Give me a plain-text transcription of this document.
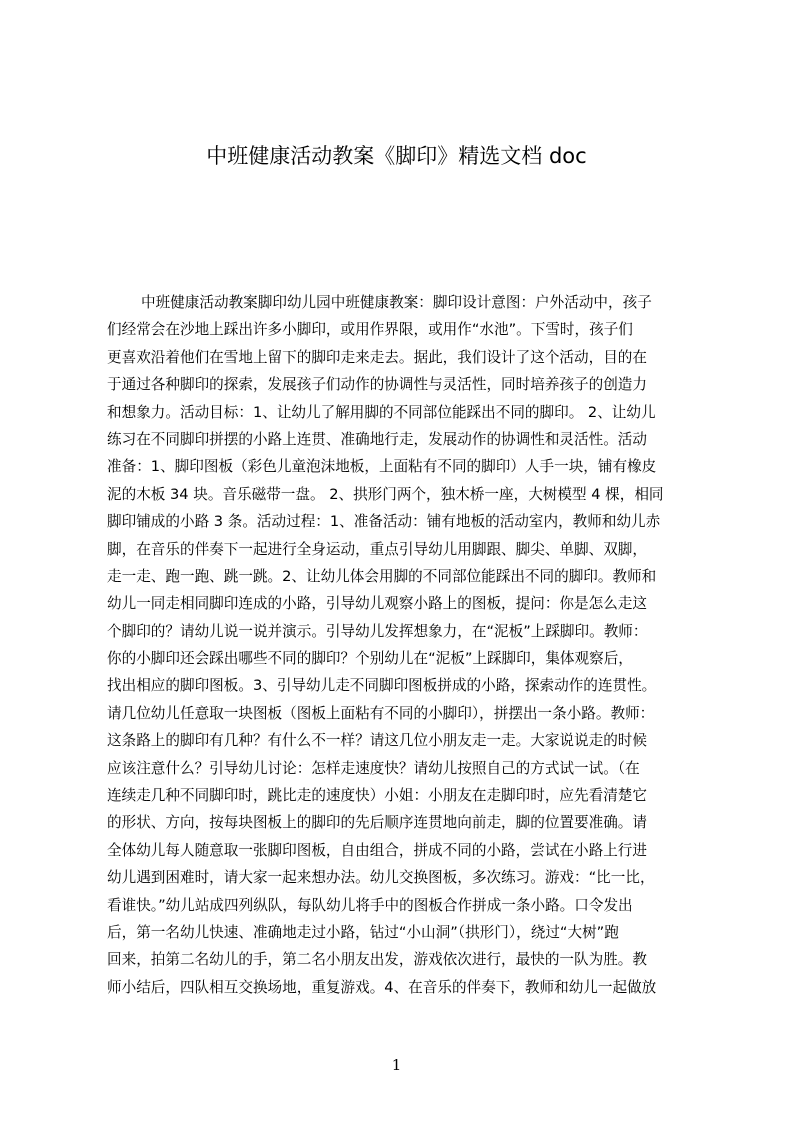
中班健康活动教案《脚印》精选文档 doc
中班健康活动教案脚印幼儿园中班健康教案：脚印设计意图：户外活动中，孩子
们经常会在沙地上踩出许多小脚印，或用作界限，或用作“水池”。下雪时，孩子们
更喜欢沿着他们在雪地上留下的脚印走来走去。据此，我们设计了这个活动，目的在
于通过各种脚印的探索，发展孩子们动作的协调性与灵活性，同时培养孩子的创造力
和想象力。活动目标：1、让幼儿了解用脚的不同部位能踩出不同的脚印。 2、让幼儿
练习在不同脚印拼摆的小路上连贯、准确地行走，发展动作的协调性和灵活性。活动
准备：1、脚印图板（彩色儿童泡沫地板，上面粘有不同的脚印）人手一块，铺有橡皮
泥的木板 34 块。音乐磁带一盘。 2、拱形门两个，独木桥一座，大树模型 4 棵，相同
脚印铺成的小路 3 条。活动过程：1、准备活动：铺有地板的活动室内，教师和幼儿赤
脚，在音乐的伴奏下一起进行全身运动，重点引导幼儿用脚跟、脚尖、单脚、双脚，
走一走、跑一跑、跳一跳。2、让幼儿体会用脚的不同部位能踩出不同的脚印。教师和
幼儿一同走相同脚印连成的小路，引导幼儿观察小路上的图板，提问：你是怎么走这
个脚印的？请幼儿说一说并演示。引导幼儿发挥想象力，在“泥板”上踩脚印。教师：
你的小脚印还会踩出哪些不同的脚印？个别幼儿在“泥板”上踩脚印，集体观察后，
找出相应的脚印图板。3、引导幼儿走不同脚印图板拼成的小路，探索动作的连贯性。
请几位幼儿任意取一块图板（图板上面粘有不同的小脚印），拼摆出一条小路。教师：
这条路上的脚印有几种？有什么不一样？请这几位小朋友走一走。大家说说走的时候
应该注意什么？引导幼儿讨论：怎样走速度快？请幼儿按照自己的方式试一试。（在
连续走几种不同脚印时，跳比走的速度快）小姐：小朋友在走脚印时，应先看清楚它
的形状、方向，按每块图板上的脚印的先后顺序连贯地向前走，脚的位置要准确。请
全体幼儿每人随意取一张脚印图板，自由组合，拼成不同的小路，尝试在小路上行进
幼儿遇到困难时，请大家一起来想办法。幼儿交换图板，多次练习。游戏：“比一比，
看谁快。”幼儿站成四列纵队，每队幼儿将手中的图板合作拼成一条小路。口令发出
后，第一名幼儿快速、准确地走过小路，钻过“小山洞”（拱形门），绕过“大树”跑
回来，拍第二名幼儿的手，第二名小朋友出发，游戏依次进行，最快的一队为胜。教
师小结后，四队相互交换场地，重复游戏。4、在音乐的伴奏下，教师和幼儿一起做放
1
